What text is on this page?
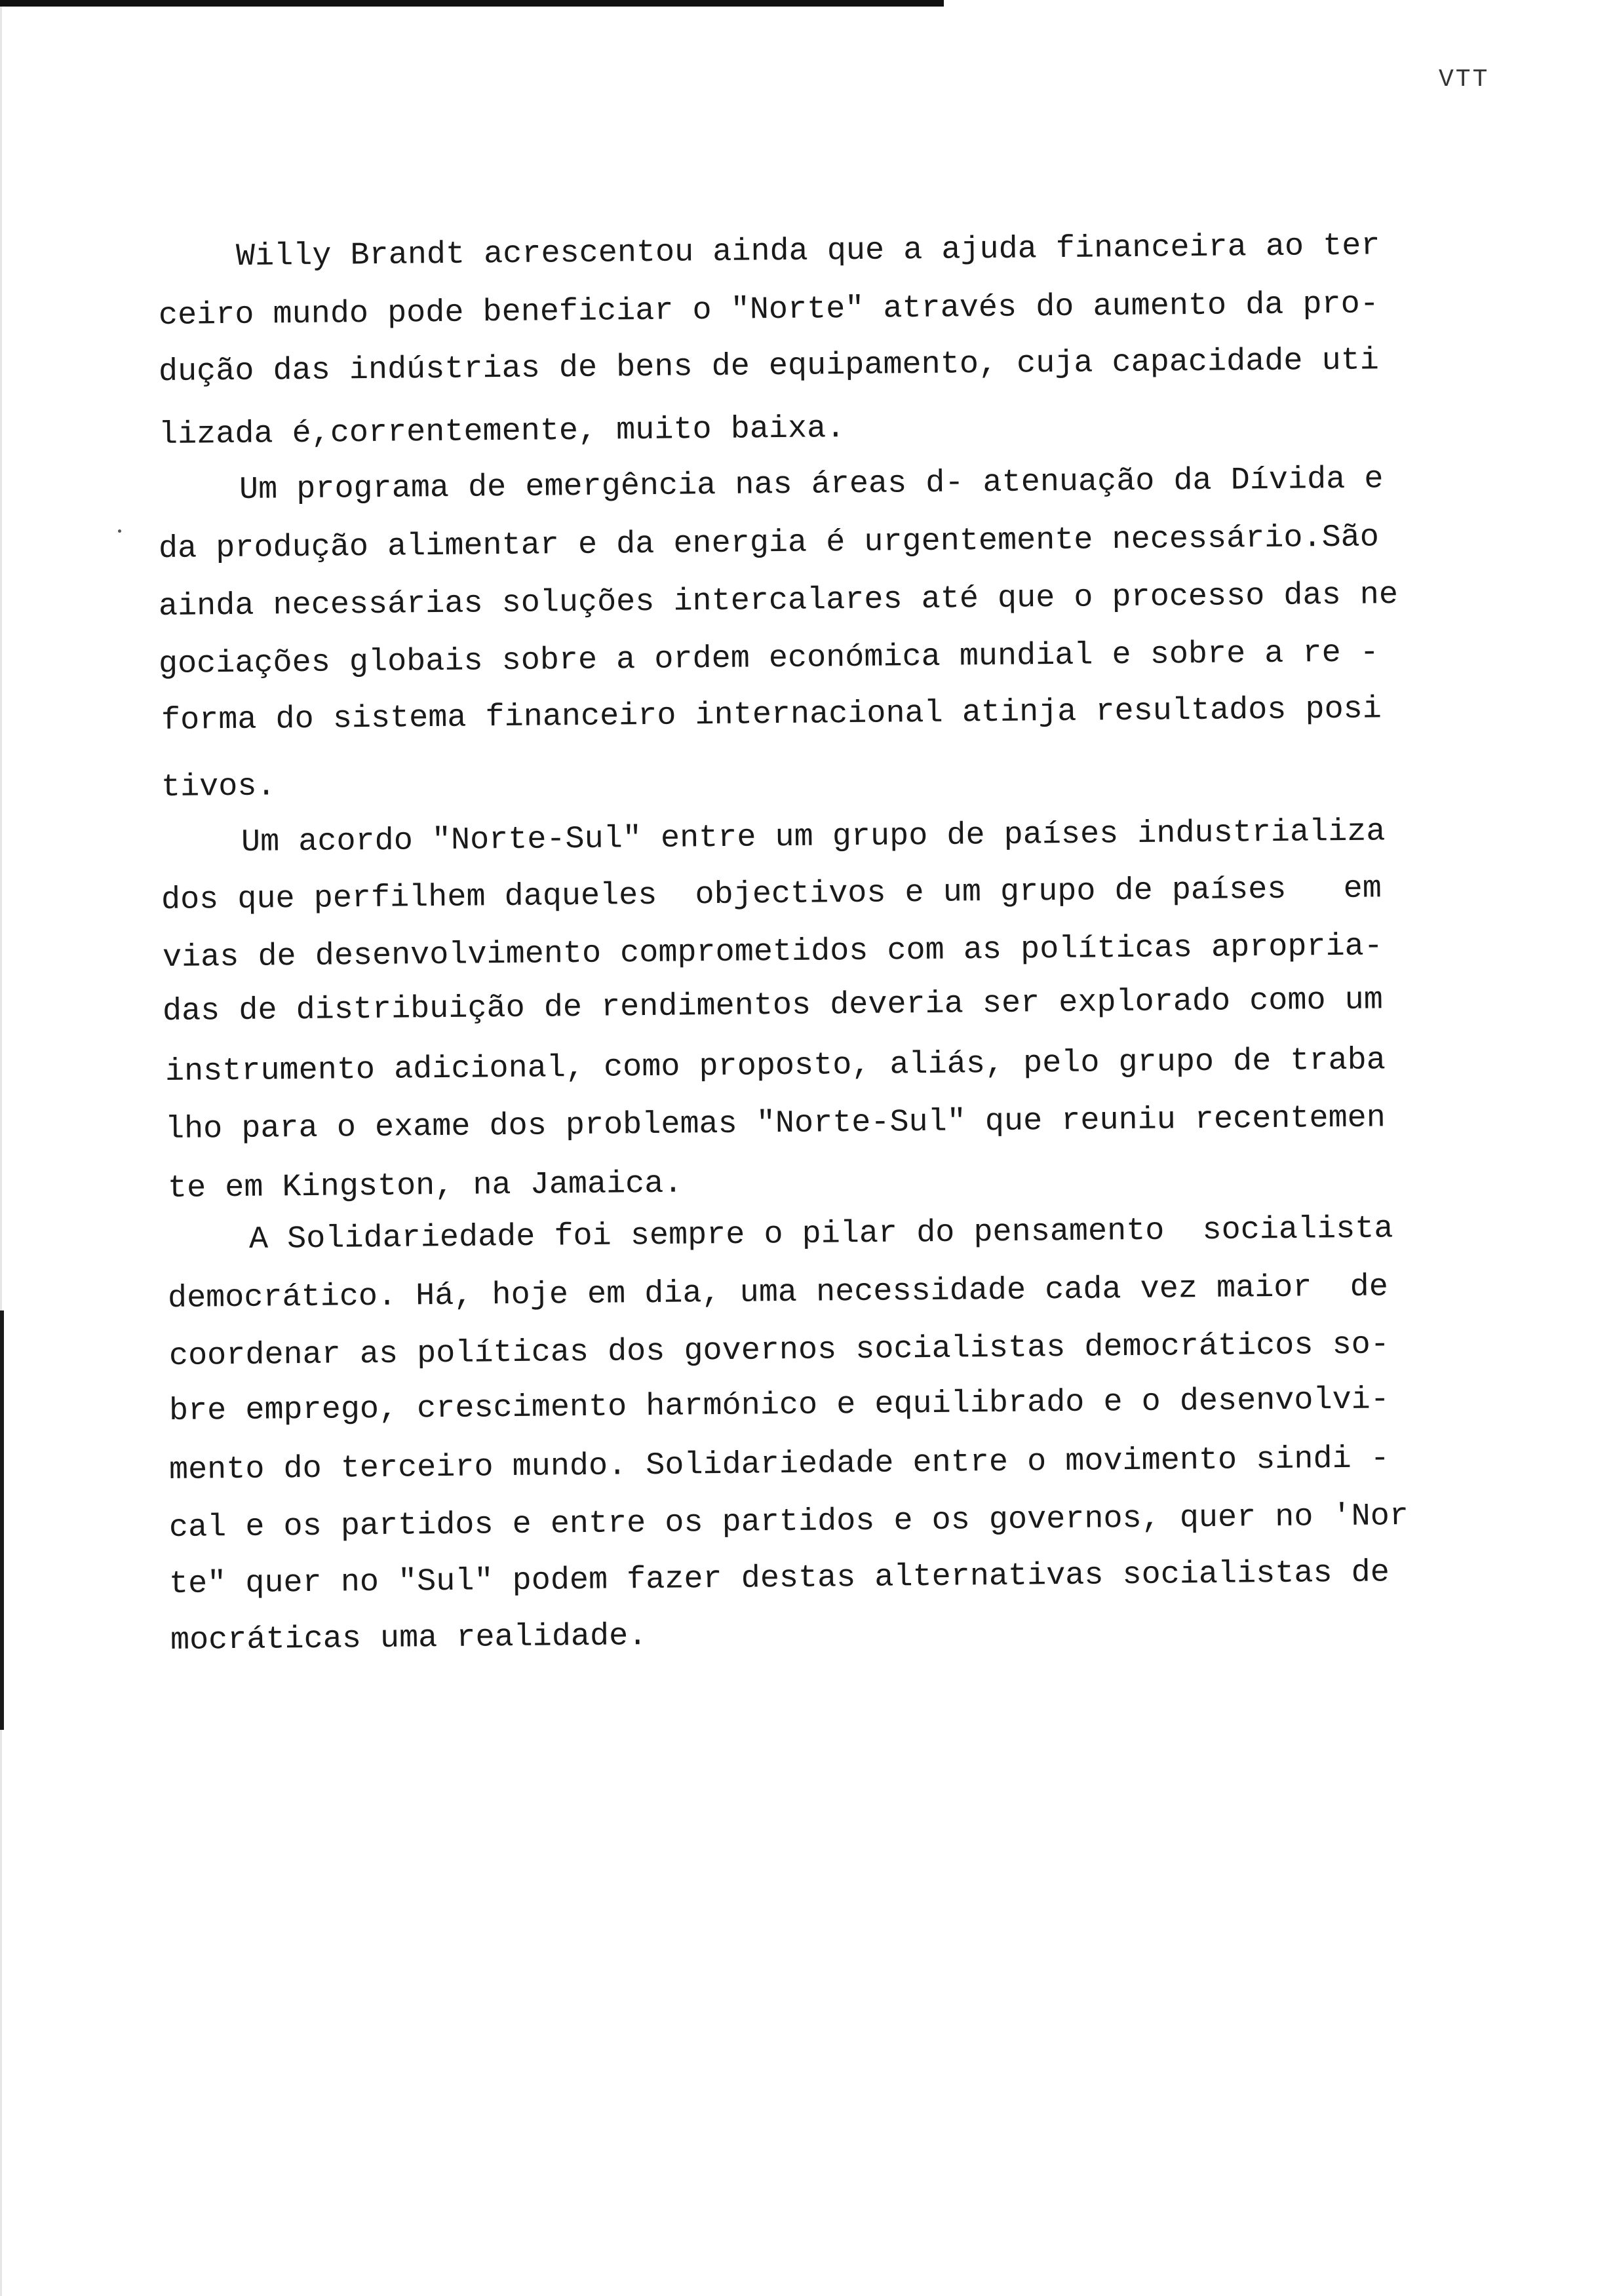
VTT
Willy Brandt acrescentou ainda que a ajuda financeira ao ter
ceiro mundo pode beneficiar o "Norte" através do aumento da pro-
dução das indústrias de bens de equipamento, cuja capacidade uti
lizada é,correntemente, muito baixa.
Um programa de emergência nas áreas d- atenuação da Dívida e
da produção alimentar e da energia é urgentemente necessário.São
ainda necessárias soluções intercalares até que o processo das ne
gociações globais sobre a ordem económica mundial e sobre a re -
forma do sistema financeiro internacional atinja resultados posi
tivos.
Um acordo "Norte-Sul" entre um grupo de países industrializa
dos que perfilhem daqueles  objectivos e um grupo de países   em
vias de desenvolvimento comprometidos com as políticas apropria-
das de distribuição de rendimentos deveria ser explorado como um
instrumento adicional, como proposto, aliás, pelo grupo de traba
lho para o exame dos problemas "Norte-Sul" que reuniu recentemen
te em Kingston, na Jamaica.
A Solidariedade foi sempre o pilar do pensamento  socialista
democrático. Há, hoje em dia, uma necessidade cada vez maior  de
coordenar as políticas dos governos socialistas democráticos so-
bre emprego, crescimento harmónico e equilibrado e o desenvolvi-
mento do terceiro mundo. Solidariedade entre o movimento sindi -
cal e os partidos e entre os partidos e os governos, quer no 'Nor
te" quer no "Sul" podem fazer destas alternativas socialistas de
mocráticas uma realidade.
